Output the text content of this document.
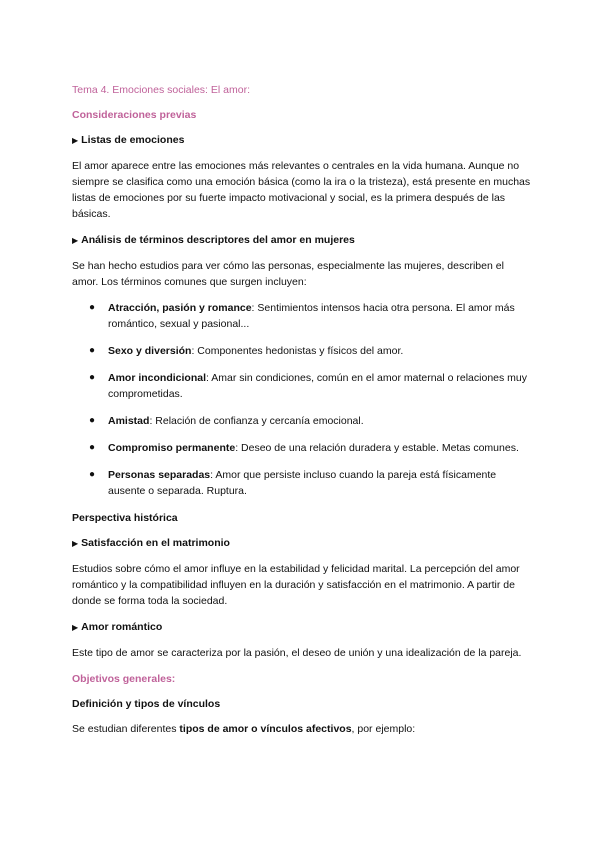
Tema 4. Emociones sociales: El amor:
Consideraciones previas
▶ Listas de emociones

El amor aparece entre las emociones más relevantes o centrales en la vida humana. Aunque no siempre se clasifica como una emoción básica (como la ira o la tristeza), está presente en muchas listas de emociones por su fuerte impacto motivacional y social, es la primera después de las básicas.

▶ Análisis de términos descriptores del amor en mujeres

Se han hecho estudios para ver cómo las personas, especialmente las mujeres, describen el amor. Los términos comunes que surgen incluyen:

● Atracción, pasión y romance: Sentimientos intensos hacia otra persona. El amor más romántico, sexual y pasional...
● Sexo y diversión: Componentes hedonistas y físicos del amor.
● Amor incondicional: Amar sin condiciones, común en el amor maternal o relaciones muy comprometidas.
● Amistad: Relación de confianza y cercanía emocional.
● Compromiso permanente: Deseo de una relación duradera y estable. Metas comunes.
● Personas separadas: Amor que persiste incluso cuando la pareja está físicamente ausente o separada. Ruptura.
Perspectiva histórica
▶ Satisfacción en el matrimonio

Estudios sobre cómo el amor influye en la estabilidad y felicidad marital. La percepción del amor romántico y la compatibilidad influyen en la duración y satisfacción en el matrimonio. A partir de donde se forma toda la sociedad.

▶ Amor romántico

Este tipo de amor se caracteriza por la pasión, el deseo de unión y una idealización de la pareja.

Objetivos generales:
Definición y tipos de vínculos

Se estudian diferentes tipos de amor o vínculos afectivos, por ejemplo:
